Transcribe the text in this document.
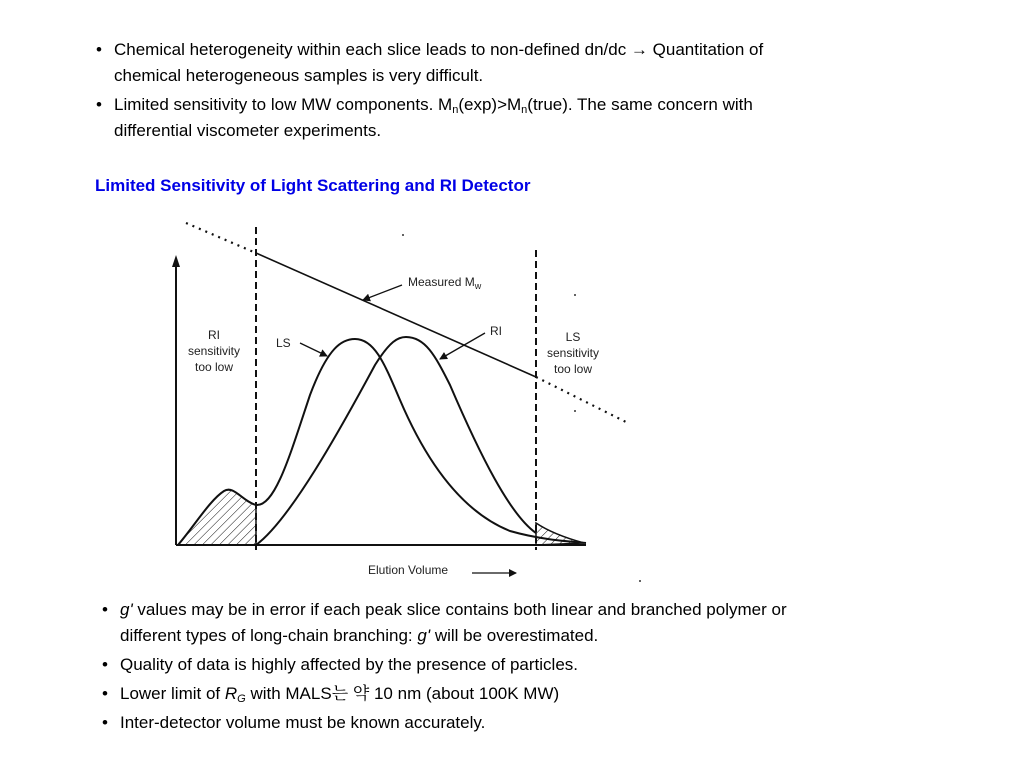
• Chemical heterogeneity within each slice leads to non-defined dn/dc → Quantitation of
chemical heterogeneous samples is very difficult.
• Limited sensitivity to low MW components. $M_n(\exp)>M_n(true)$. The same concern with
differential viscometer experiments.
Limited Sensitivity of Light Scattering and RI Detector
RI
sensitivity
too low
LS
sensitivity
too low
LS
RI
Measured $M_w$
Elution Volume
• g' values may be in error if each peak slice contains both linear and branched polymer or
different types of long-chain branching: g' will be overestimated.
• Quality of data is highly affected by the presence of particles.
• Lower limit of $R_G$ with MALS는 약 10 nm (about 100K MW)
• Inter-detector volume must be known accurately.
